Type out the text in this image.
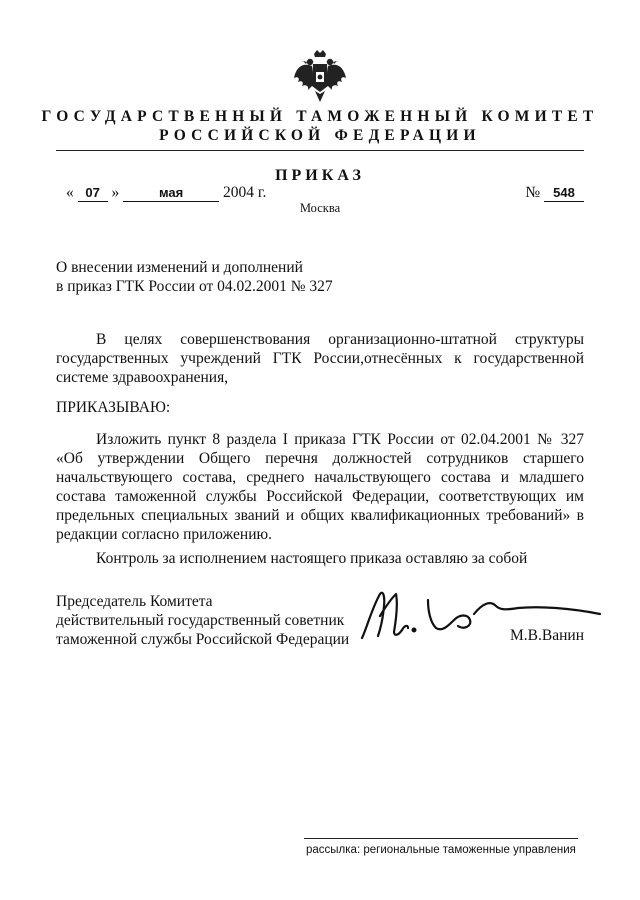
ГОСУДАРСТВЕННЫЙ ТАМОЖЕННЫЙ КОМИТЕТ
РОССИЙСКОЙ ФЕДЕРАЦИИ
ПРИКАЗ
« 07 »	мая	2004 г.	№ 548
Москва
О внесении изменений и дополнений
в приказ ГТК России от 04.02.2001 № 327
В целях совершенствования организационно-штатной структуры государственных учреждений ГТК России,отнесённых к государственной системе здравоохранения,
ПРИКАЗЫВАЮ:
Изложить пункт 8 раздела I приказа ГТК России от 02.04.2001 № 327 «Об утверждении Общего перечня должностей сотрудников старшего начальствующего состава, среднего начальствующего состава и младшего состава таможенной службы Российской Федерации, соответствующих им предельных специальных званий и общих квалификационных требований» в редакции согласно приложению.
Контроль за исполнением настоящего приказа оставляю за собой
Председатель Комитета
действительный государственный советник
таможенной службы Российской Федерации	М.В.Ванин
рассылка: региональные таможенные управления
